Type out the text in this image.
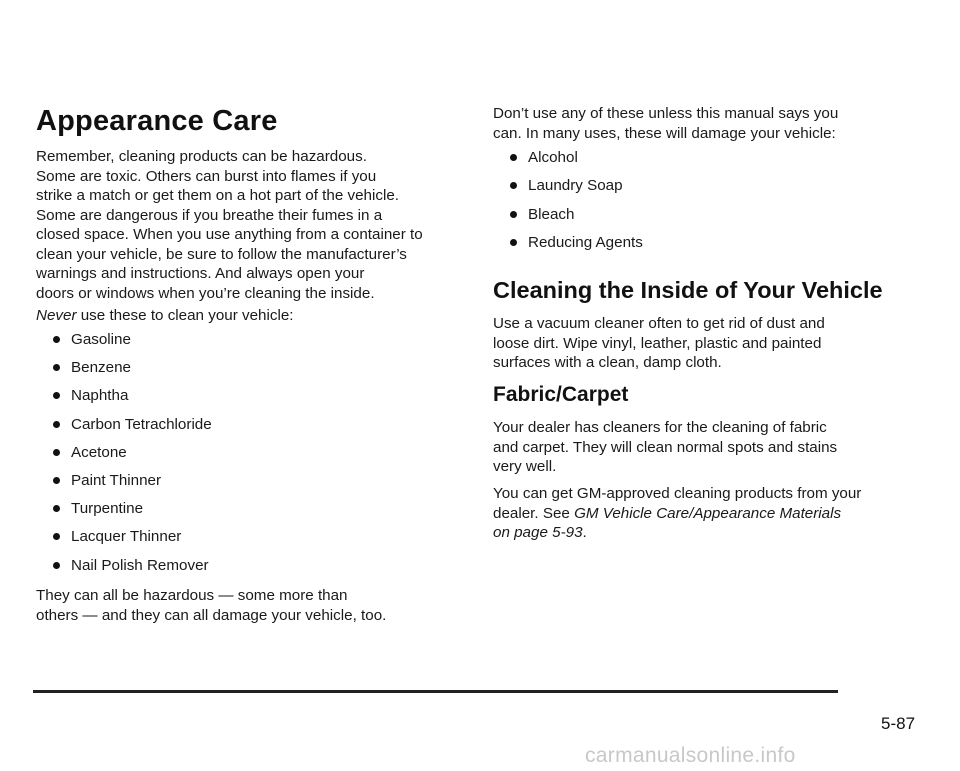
Appearance Care

Remember, cleaning products can be hazardous.
Some are toxic. Others can burst into flames if you
strike a match or get them on a hot part of the vehicle.
Some are dangerous if you breathe their fumes in a
closed space. When you use anything from a container to
clean your vehicle, be sure to follow the manufacturer’s
warnings and instructions. And always open your
doors or windows when you’re cleaning the inside.

Never use these to clean your vehicle:

Gasoline
Benzene
Naphtha
Carbon Tetrachloride
Acetone
Paint Thinner
Turpentine
Lacquer Thinner
Nail Polish Remover

They can all be hazardous — some more than
others — and they can all damage your vehicle, too.

Don’t use any of these unless this manual says you
can. In many uses, these will damage your vehicle:

Alcohol
Laundry Soap
Bleach
Reducing Agents
Cleaning the Inside of Your Vehicle

Use a vacuum cleaner often to get rid of dust and
loose dirt. Wipe vinyl, leather, plastic and painted
surfaces with a clean, damp cloth.

Fabric/Carpet

Your dealer has cleaners for the cleaning of fabric
and carpet. They will clean normal spots and stains
very well.

You can get GM-approved cleaning products from your
dealer. See GM Vehicle Care/Appearance Materials
on page 5-93.

5-87
carmanualsonline.info
